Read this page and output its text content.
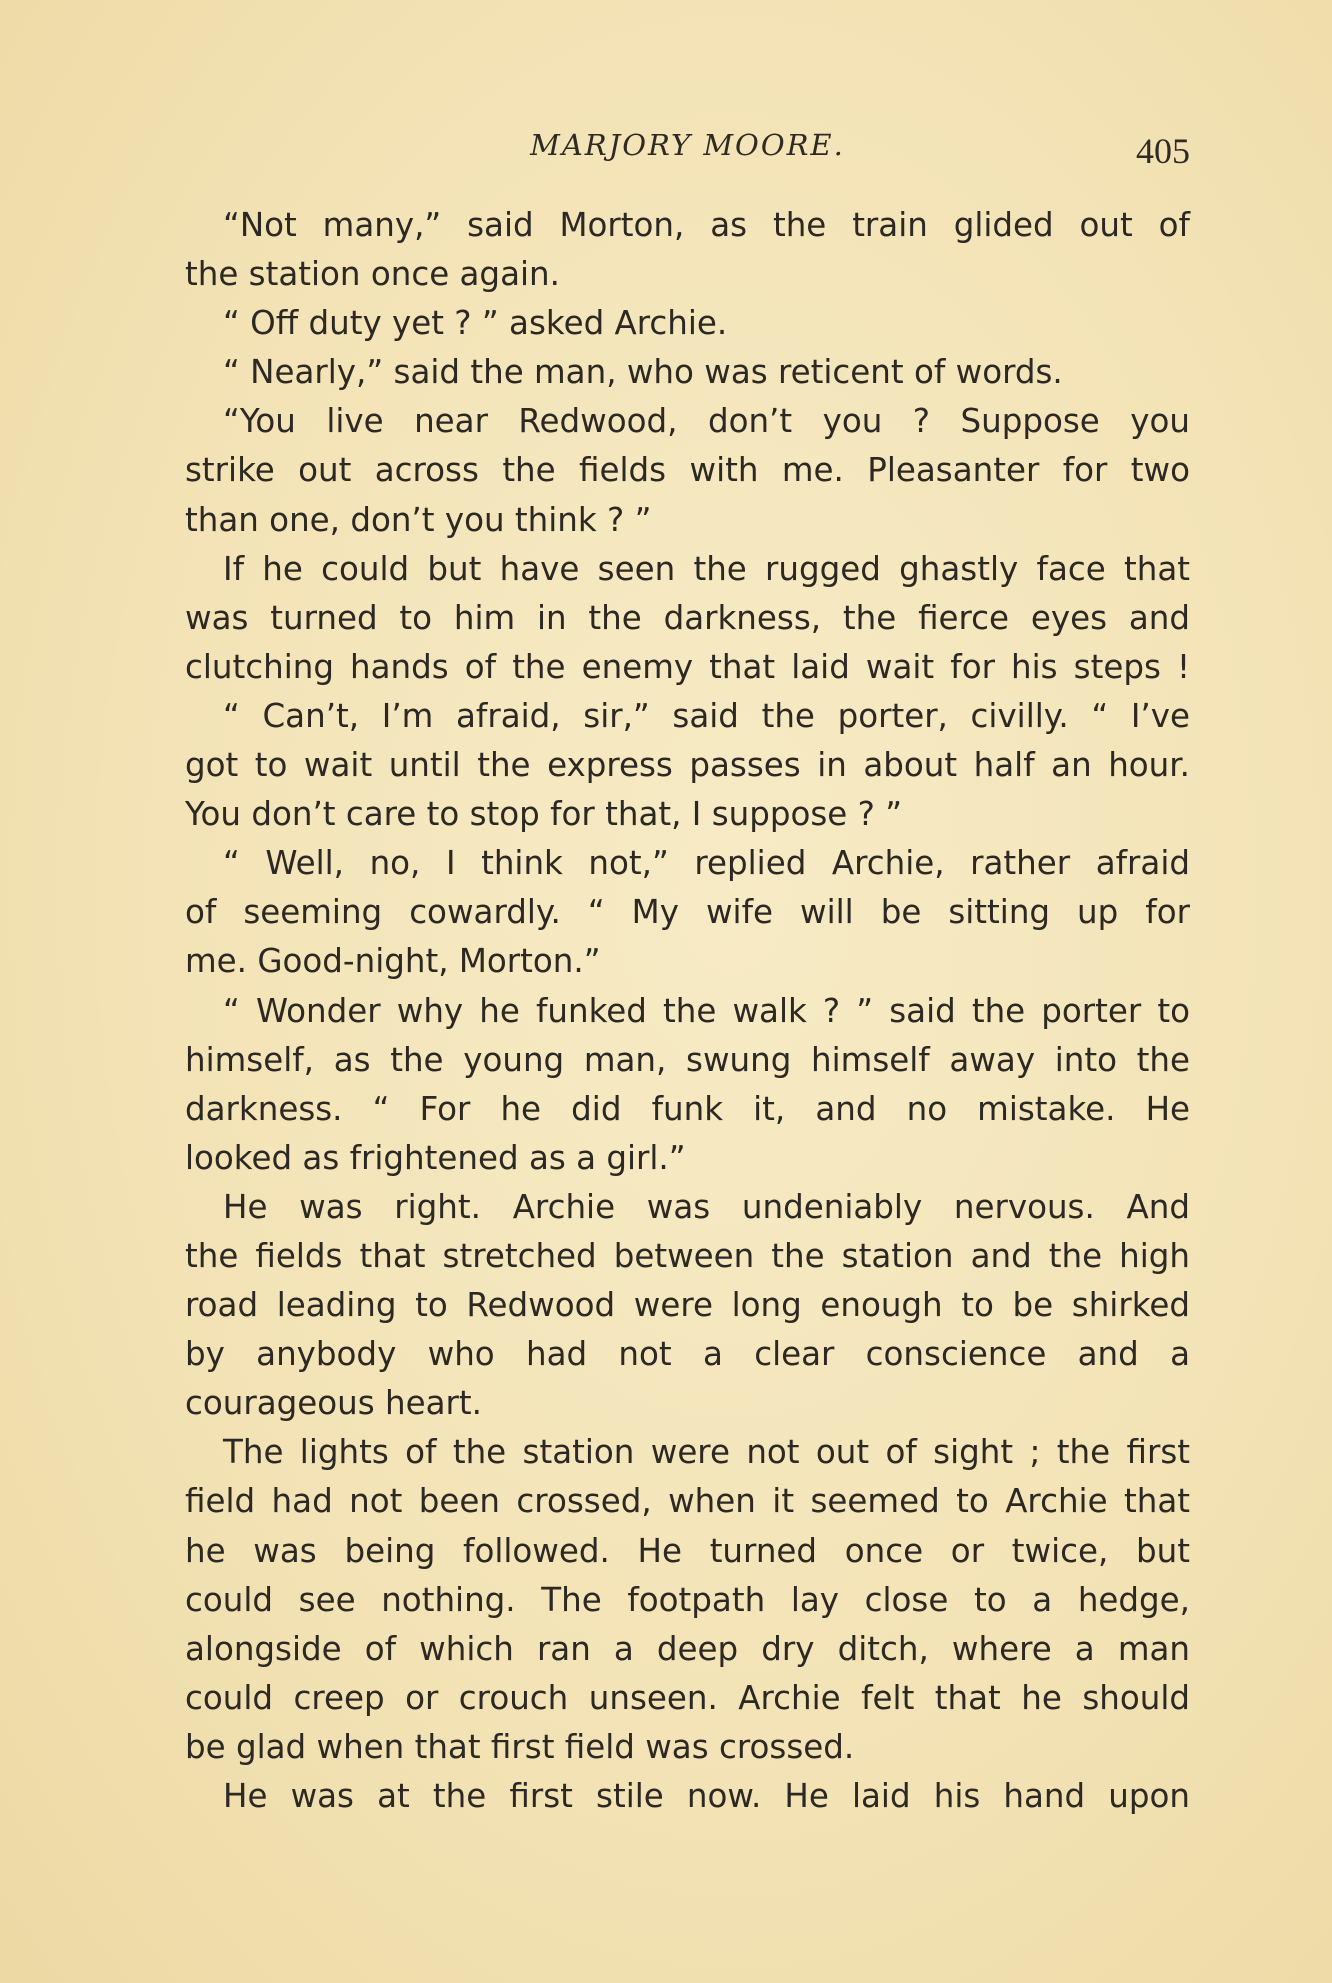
MARJORY MOORE.	405
“Not many,” said Morton, as the train glided out of
the station once again.
“ Off duty yet ? ” asked Archie.
“ Nearly,” said the man, who was reticent of words.
“You live near Redwood, don’t you ? Suppose you
strike out across the fields with me. Pleasanter for two
than one, don’t you think ? ”
If he could but have seen the rugged ghastly face that
was turned to him in the darkness, the fierce eyes and
clutching hands of the enemy that laid wait for his steps !
“ Can’t, I’m afraid, sir,” said the porter, civilly. “ I’ve
got to wait until the express passes in about half an hour.
You don’t care to stop for that, I suppose ? ”
“ Well, no, I think not,” replied Archie, rather afraid
of seeming cowardly. “ My wife will be sitting up for
me. Good-night, Morton.”
“ Wonder why he funked the walk ? ” said the porter to
himself, as the young man, swung himself away into the
darkness. “ For he did funk it, and no mistake. He
looked as frightened as a girl.”
He was right. Archie was undeniably nervous. And
the fields that stretched between the station and the high
road leading to Redwood were long enough to be shirked
by anybody who had not a clear conscience and a
courageous heart.
The lights of the station were not out of sight ; the first
field had not been crossed, when it seemed to Archie that
he was being followed. He turned once or twice, but
could see nothing. The footpath lay close to a hedge,
alongside of which ran a deep dry ditch, where a man
could creep or crouch unseen. Archie felt that he should
be glad when that first field was crossed.
He was at the first stile now. He laid his hand upon
